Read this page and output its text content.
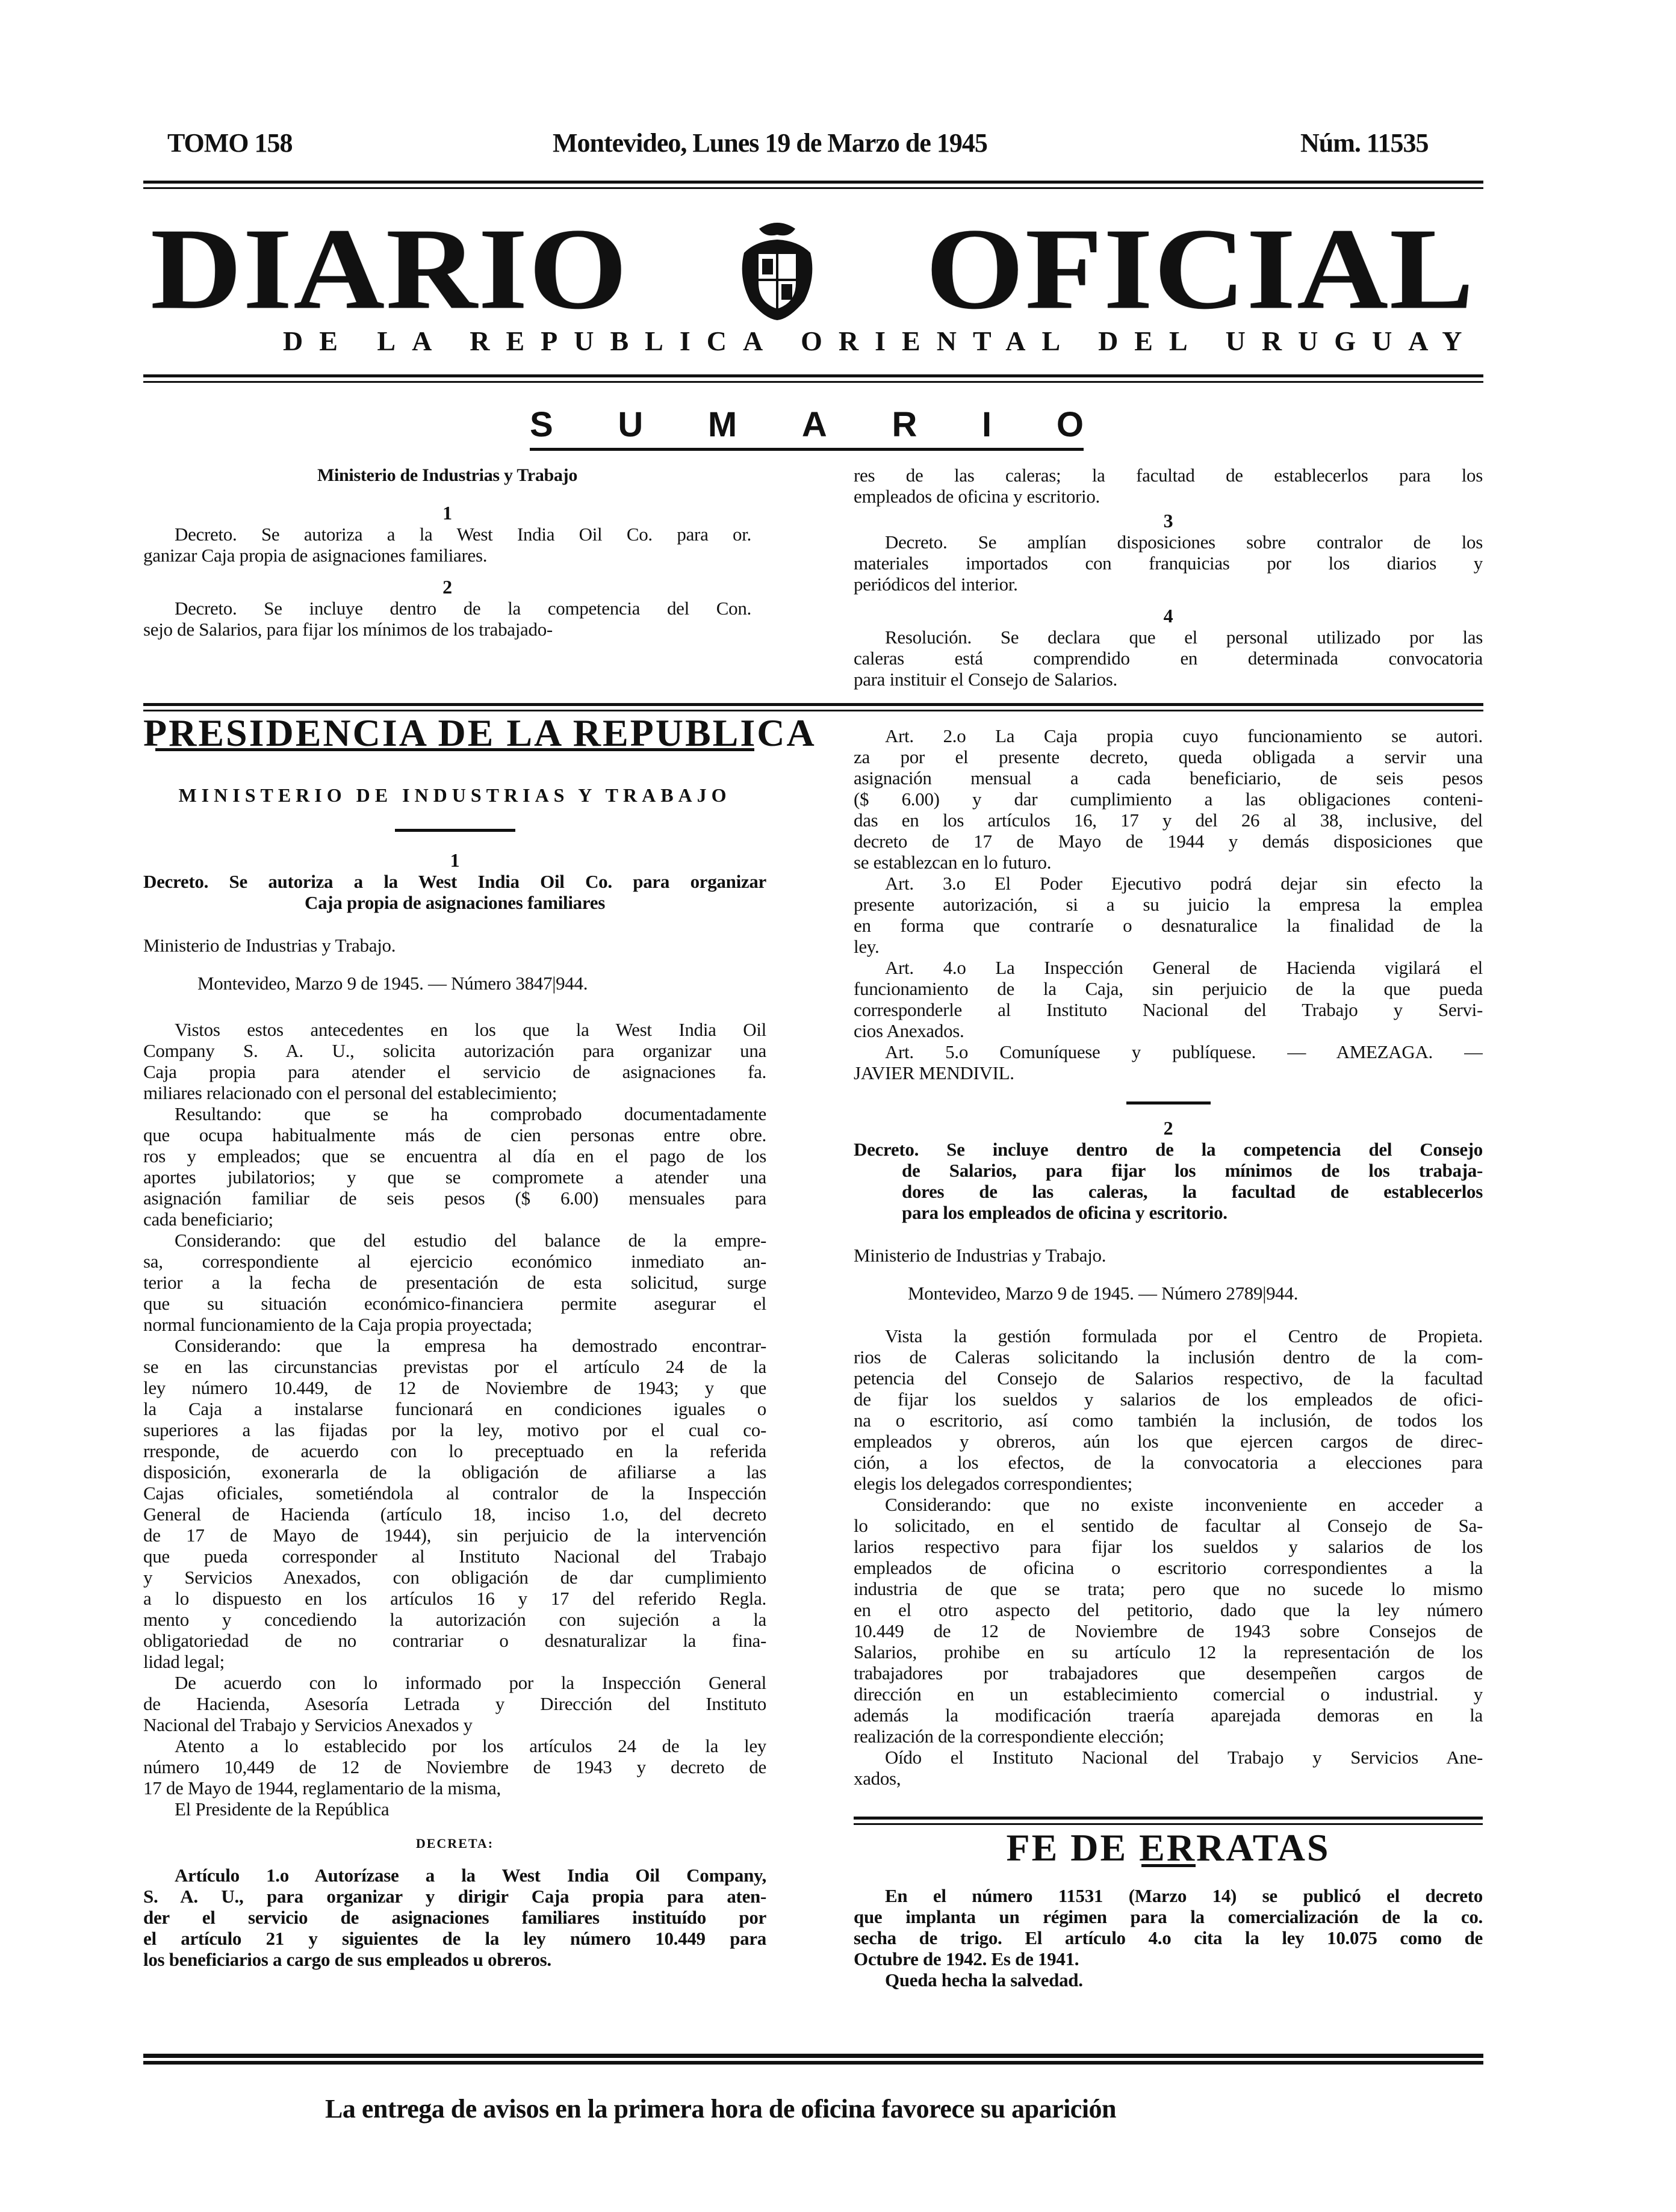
TOMO 158	Montevideo, Lunes 19 de Marzo de 1945	Núm. 11535
DIARIO OFICIAL
DE LA REPUBLICA ORIENTAL DEL URUGUAY
S U M A R I O
Ministerio de Industrias y Trabajo
1
Decreto. Se autoriza a la West India Oil Co. para or.
ganizar Caja propia de asignaciones familiares.
2
Decreto. Se incluye dentro de la competencia del Con.
sejo de Salarios, para fijar los mínimos de los trabajado-
res de las caleras; la facultad de establecerlos para los
empleados de oficina y escritorio.
3
Decreto. Se amplían disposiciones sobre contralor de los
materiales importados con franquicias por los diarios y
periódicos del interior.
4
Resolución. Se declara que el personal utilizado por las
caleras está comprendido en determinada convocatoria
para instituir el Consejo de Salarios.
PRESIDENCIA DE LA REPUBLICA
MINISTERIO DE INDUSTRIAS Y TRABAJO
1
Decreto. Se autoriza a la West India Oil Co. para organizar
Caja propia de asignaciones familiares
Ministerio de Industrias y Trabajo.
Montevideo, Marzo 9 de 1945. — Número 3847|944.
Vistos estos antecedentes en los que la West India Oil
Company S. A. U., solicita autorización para organizar una
Caja propia para atender el servicio de asignaciones fa.
miliares relacionado con el personal del establecimiento;
Resultando: que se ha comprobado documentadamente
que ocupa habitualmente más de cien personas entre obre.
ros y empleados; que se encuentra al día en el pago de los
aportes jubilatorios; y que se compromete a atender una
asignación familiar de seis pesos ($ 6.00) mensuales para
cada beneficiario;
Considerando: que del estudio del balance de la empre-
sa, correspondiente al ejercicio económico inmediato an-
terior a la fecha de presentación de esta solicitud, surge
que su situación económico-financiera permite asegurar el
normal funcionamiento de la Caja propia proyectada;
Considerando: que la empresa ha demostrado encontrar-
se en las circunstancias previstas por el artículo 24 de la
ley número 10.449, de 12 de Noviembre de 1943; y que
la Caja a instalarse funcionará en condiciones iguales o
superiores a las fijadas por la ley, motivo por el cual co-
rresponde, de acuerdo con lo preceptuado en la referida
disposición, exonerarla de la obligación de afiliarse a las
Cajas oficiales, sometiéndola al contralor de la Inspección
General de Hacienda (artículo 18, inciso 1.o, del decreto
de 17 de Mayo de 1944), sin perjuicio de la intervención
que pueda corresponder al Instituto Nacional del Trabajo
y Servicios Anexados, con obligación de dar cumplimiento
a lo dispuesto en los artículos 16 y 17 del referido Regla.
mento y concediendo la autorización con sujeción a la
obligatoriedad de no contrariar o desnaturalizar la fina-
lidad legal;
De acuerdo con lo informado por la Inspección General
de Hacienda, Asesoría Letrada y Dirección del Instituto
Nacional del Trabajo y Servicios Anexados y
Atento a lo establecido por los artículos 24 de la ley
número 10,449 de 12 de Noviembre de 1943 y decreto de
17 de Mayo de 1944, reglamentario de la misma,
El Presidente de la República
DECRETA:
Artículo 1.o Autorízase a la West India Oil Company,
S. A. U., para organizar y dirigir Caja propia para aten-
der el servicio de asignaciones familiares instituído por
el artículo 21 y siguientes de la ley número 10.449 para
los beneficiarios a cargo de sus empleados u obreros.
Art. 2.o La Caja propia cuyo funcionamiento se autori.
za por el presente decreto, queda obligada a servir una
asignación mensual a cada beneficiario, de seis pesos
($ 6.00) y dar cumplimiento a las obligaciones conteni-
das en los artículos 16, 17 y del 26 al 38, inclusive, del
decreto de 17 de Mayo de 1944 y demás disposiciones que
se establezcan en lo futuro.
Art. 3.o El Poder Ejecutivo podrá dejar sin efecto la
presente autorización, si a su juicio la empresa la emplea
en forma que contraríe o desnaturalice la finalidad de la
ley.
Art. 4.o La Inspección General de Hacienda vigilará el
funcionamiento de la Caja, sin perjuicio de la que pueda
corresponderle al Instituto Nacional del Trabajo y Servi-
cios Anexados.
Art. 5.o Comuníquese y publíquese. — AMEZAGA. —
JAVIER MENDIVIL.
2
Decreto. Se incluye dentro de la competencia del Consejo
de Salarios, para fijar los mínimos de los trabaja-
dores de las caleras, la facultad de establecerlos
para los empleados de oficina y escritorio.
Ministerio de Industrias y Trabajo.
Montevideo, Marzo 9 de 1945. — Número 2789|944.
Vista la gestión formulada por el Centro de Propieta.
rios de Caleras solicitando la inclusión dentro de la com-
petencia del Consejo de Salarios respectivo, de la facultad
de fijar los sueldos y salarios de los empleados de ofici-
na o escritorio, así como también la inclusión, de todos los
empleados y obreros, aún los que ejercen cargos de direc-
ción, a los efectos, de la convocatoria a elecciones para
elegis los delegados correspondientes;
Considerando: que no existe inconveniente en acceder a
lo solicitado, en el sentido de facultar al Consejo de Sa-
larios respectivo para fijar los sueldos y salarios de los
empleados de oficina o escritorio correspondientes a la
industria de que se trata; pero que no sucede lo mismo
en el otro aspecto del petitorio, dado que la ley número
10.449 de 12 de Noviembre de 1943 sobre Consejos de
Salarios, prohibe en su artículo 12 la representación de los
trabajadores por trabajadores que desempeñen cargos de
dirección en un establecimiento comercial o industrial. y
además la modificación traería aparejada demoras en la
realización de la correspondiente elección;
Oído el Instituto Nacional del Trabajo y Servicios Ane-
xados,
FE DE ERRATAS
En el número 11531 (Marzo 14) se publicó el decreto
que implanta un régimen para la comercialización de la co.
secha de trigo. El artículo 4.o cita la ley 10.075 como de
Octubre de 1942. Es de 1941.
Queda hecha la salvedad.
La entrega de avisos en la primera hora de oficina favorece su aparición
